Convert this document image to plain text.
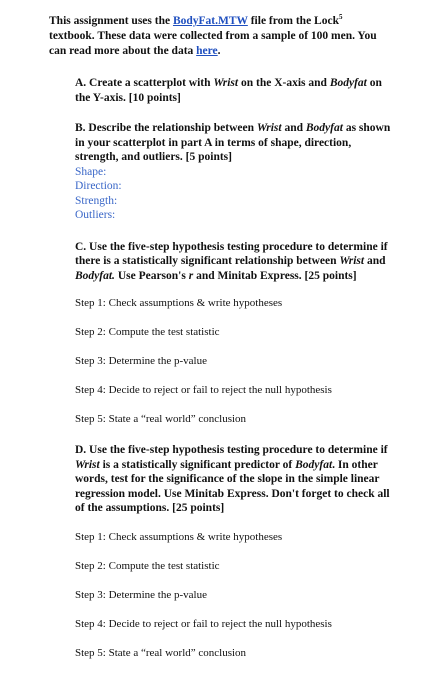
This assignment uses the BodyFat.MTW file from the Lock$^5$ textbook. These data were collected from a sample of 100 men. You can read more about the data here.

A. Create a scatterplot with Wrist on the X-axis and Bodyfat on the Y-axis. [10 points]

B. Describe the relationship between Wrist and Bodyfat as shown in your scatterplot in part A in terms of shape, direction, strength, and outliers. [5 points]

Shape:

Direction:

Strength:

Outliers:

C. Use the five-step hypothesis testing procedure to determine if there is a statistically significant relationship between Wrist and Bodyfat. Use Pearson's r and Minitab Express. [25 points]

Step 1: Check assumptions & write hypotheses

Step 2: Compute the test statistic

Step 3: Determine the p-value

Step 4: Decide to reject or fail to reject the null hypothesis

Step 5: State a “real world” conclusion

D. Use the five-step hypothesis testing procedure to determine if Wrist is a statistically significant predictor of Bodyfat. In other words, test for the significance of the slope in the simple linear regression model. Use Minitab Express. Don't forget to check all of the assumptions. [25 points]

Step 1: Check assumptions & write hypotheses

Step 2: Compute the test statistic

Step 3: Determine the p-value

Step 4: Decide to reject or fail to reject the null hypothesis

Step 5: State a “real world” conclusion
